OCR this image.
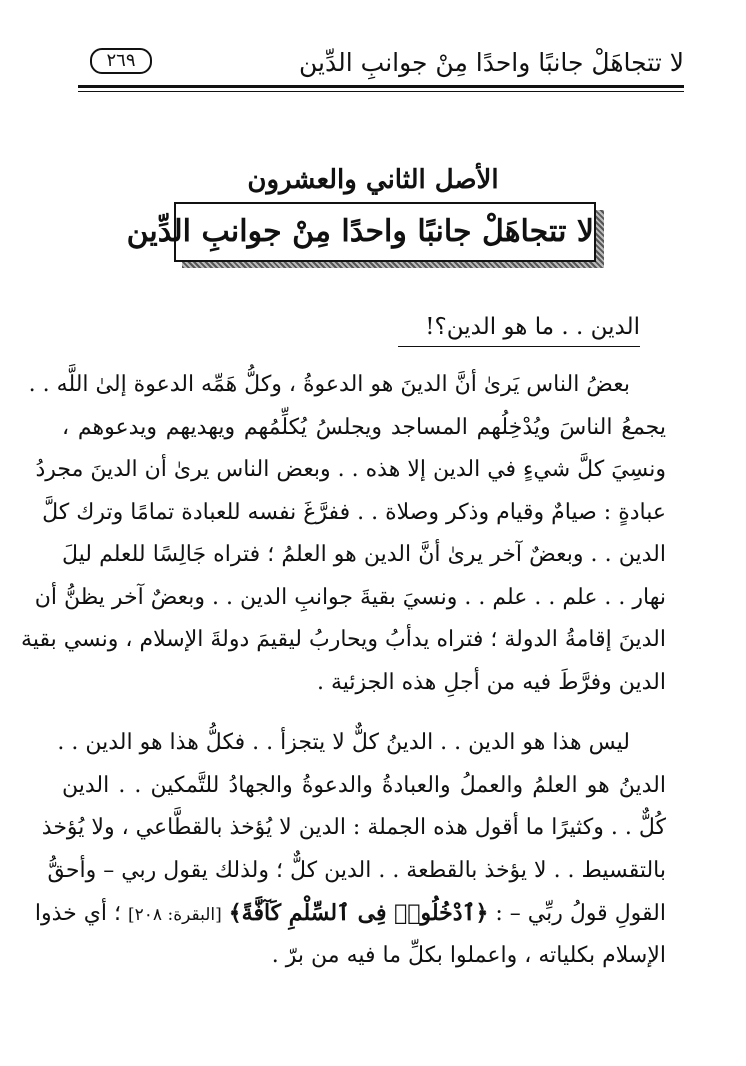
لا تتجاهَلْ جانبًا واحدًا مِنْ جوانبِ الدِّين
٢٦٩
الأصل الثاني والعشرون
لا تتجاهَلْ جانبًا واحدًا مِنْ جوانبِ الدِّين
الدين . . ما هو الدين؟!
بعضُ الناس يَرىٰ أنَّ الدينَ هو الدعوةُ ، وكلُّ هَمِّه الدعوة إلىٰ اللَّه . .
يجمعُ الناسَ ويُدْخِلُهم المساجد ويجلسُ يُكلِّمُهم ويهديهم ويدعوهم ،
ونسِيَ كلَّ شيءٍ في الدين إلا هذه . . وبعض الناس يرىٰ أن الدينَ مجردُ
عبادةٍ : صيامٌ وقيام وذكر وصلاة . . ففرَّغَ نفسه للعبادة تمامًا وترك كلَّ
الدين . . وبعضٌ آخر يرىٰ أنَّ الدين هو العلمُ ؛ فتراه جَالِسًا للعلم ليلَ
نهار . . علم . . علم . . ونسيَ بقيةَ جوانبِ الدين . . وبعضٌ آخر يظنُّ أن
الدينَ إقامةُ الدولة ؛ فتراه يدأبُ ويحاربُ ليقيمَ دولةَ الإسلام ، ونسي بقية
الدين وفرَّطَ فيه من أجلِ هذه الجزئية .
ليس هذا هو الدين . . الدينُ كلٌّ لا يتجزأ . . فكلُّ هذا هو الدين . .
الدينُ هو العلمُ والعملُ والعبادةُ والدعوةُ والجهادُ للتَّمكين . . الدين
كُلٌّ . . وكثيرًا ما أقول هذه الجملة : الدين لا يُؤخذ بالقطَّاعي ، ولا يُؤخذ
بالتقسيط . . لا يؤخذ بالقطعة . . الدين كلٌّ ؛ ولذلك يقول ربي – وأحقُّ
القولِ قولُ ربِّي – : ﴿ٱدْخُلُوا۟ فِى ٱلسِّلْمِ كَآفَّةً﴾ [البقرة: ٢٠٨] ؛ أي خذوا
الإسلام بكلياته ، واعملوا بكلِّ ما فيه من برّ .
